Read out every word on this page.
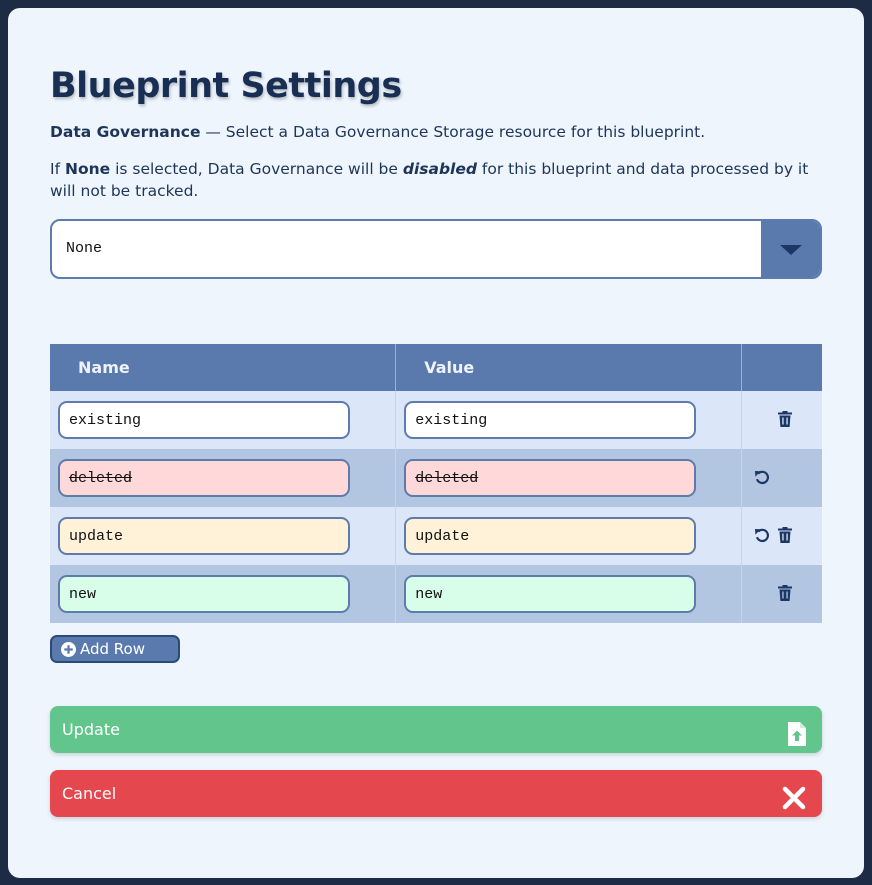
Blueprint Settings

Data Governance — Select a Data Governance Storage resource for this blueprint.

If None is selected, Data Governance will be disabled for this blueprint and data processed by it will not be tracked.

None
Name	Value	
existing	existing	

deleted	deleted	

update	update	

new	new	
Add Row
Update
Cancel
